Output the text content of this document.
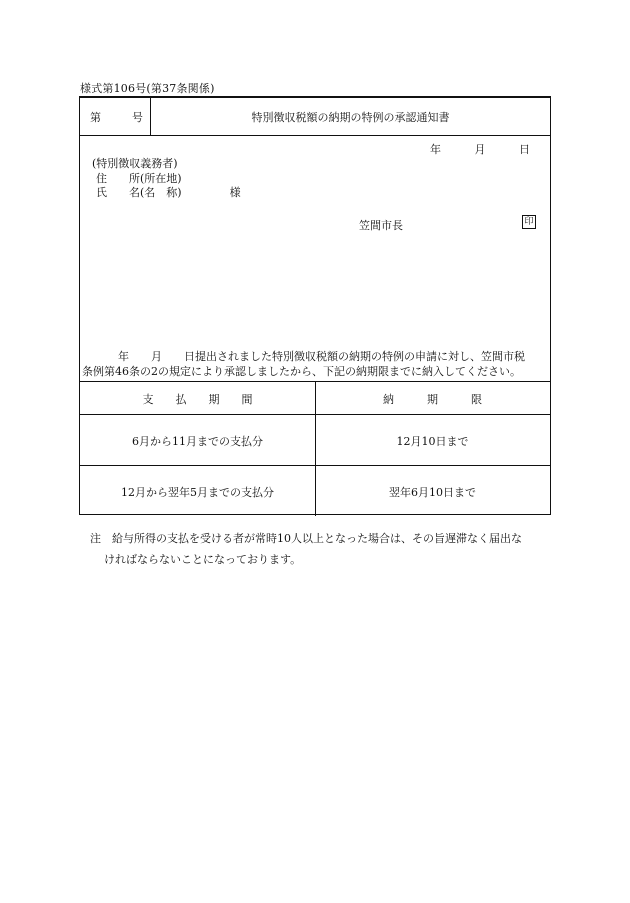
様式第106号(第37条関係)
第	号	特別徴収税額の納期の特例の承認通知書
年	月	日
(特別徴収義務者)
住　　所(所在地)
氏　　名(名　称)	様
笠間市長	印
年　　月　　日提出されました特別徴収税額の納期の特例の申請に対し、笠間市税
条例第46条の2の規定により承認しましたから、下記の納期限までに納入してください。
支　　払　　期　　間	納　　　期　　　限
6月から11月までの支払分	12月10日まで
12月から翌年5月までの支払分	翌年6月10日まで
注　給与所得の支払を受ける者が常時10人以上となった場合は、その旨遅滞なく届出な
ければならないことになっております。
